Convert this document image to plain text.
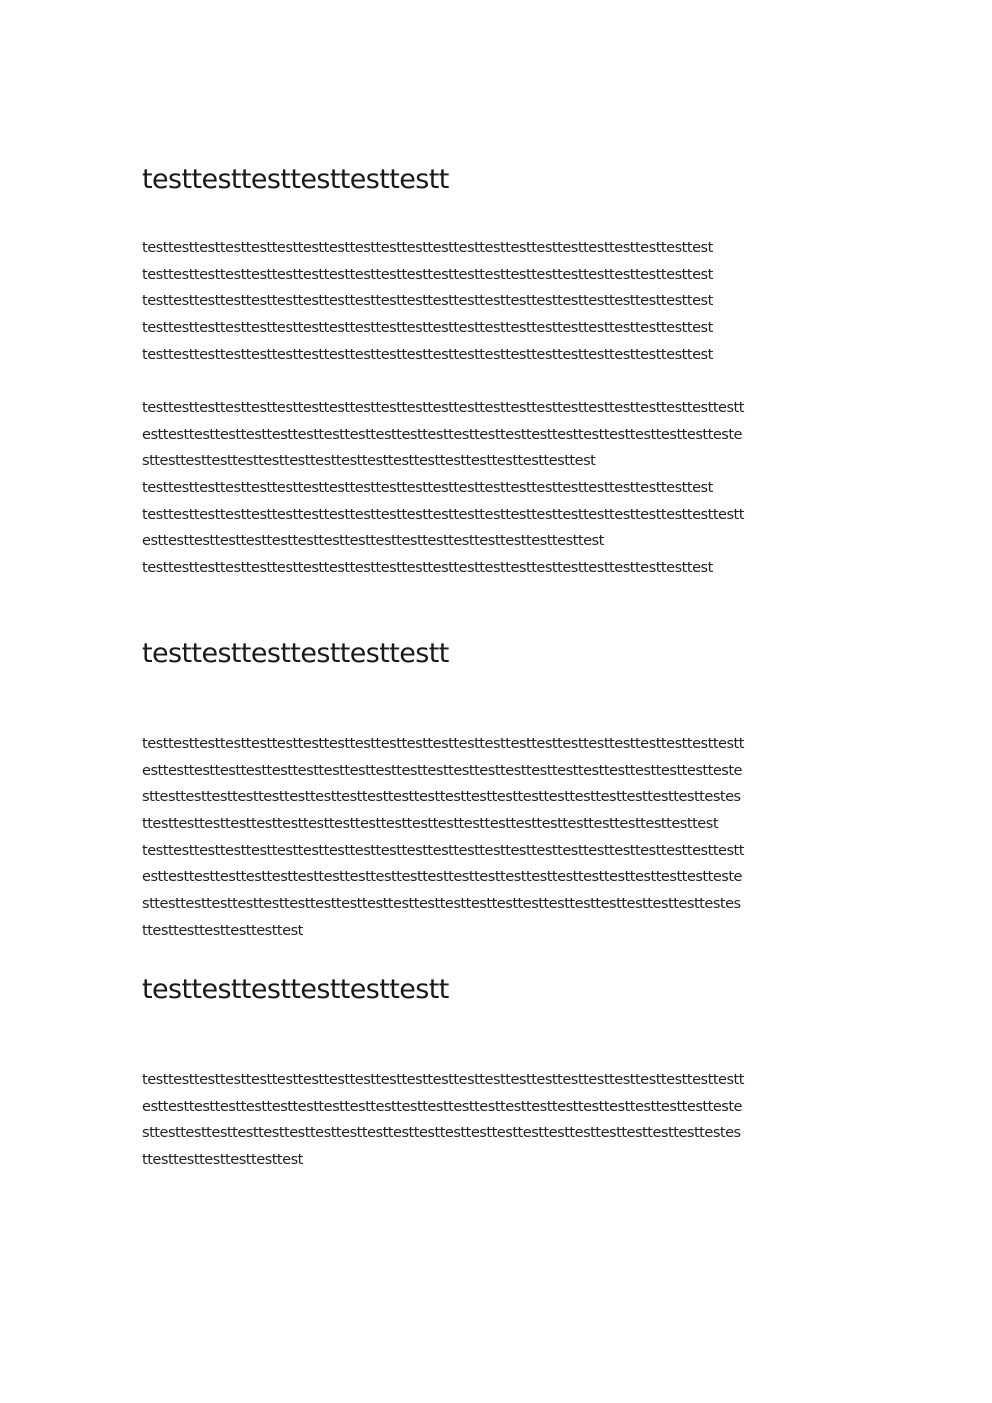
testtesttesttesttesttestt
testtesttesttesttesttesttesttesttesttesttesttesttesttesttesttesttesttesttesttesttesttest
testtesttesttesttesttesttesttesttesttesttesttesttesttesttesttesttesttesttesttesttesttest
testtesttesttesttesttesttesttesttesttesttesttesttesttesttesttesttesttesttesttesttesttest
testtesttesttesttesttesttesttesttesttesttesttesttesttesttesttesttesttesttesttesttesttest
testtesttesttesttesttesttesttesttesttesttesttesttesttesttesttesttesttesttesttesttesttest
testtesttesttesttesttesttesttesttesttesttesttesttesttesttesttesttesttesttesttesttesttesttestt
esttesttesttesttesttesttesttesttesttesttesttesttesttesttesttesttesttesttesttesttesttestteste
sttesttesttesttesttesttesttesttesttesttesttesttesttesttesttesttesttest
testtesttesttesttesttesttesttesttesttesttesttesttesttesttesttesttesttesttesttesttesttest
testtesttesttesttesttesttesttesttesttesttesttesttesttesttesttesttesttesttesttesttesttesttestt
esttesttesttesttesttesttesttesttesttesttesttesttesttesttesttesttesttest
testtesttesttesttesttesttesttesttesttesttesttesttesttesttesttesttesttesttesttesttesttest
testtesttesttesttesttestt
testtesttesttesttesttesttesttesttesttesttesttesttesttesttesttesttesttesttesttesttesttesttestt
esttesttesttesttesttesttesttesttesttesttesttesttesttesttesttesttesttesttesttesttesttestteste
sttesttesttesttesttesttesttesttesttesttesttesttesttesttesttesttesttesttesttesttesttesttestes
ttesttesttesttesttesttesttesttesttesttesttesttesttesttesttesttesttesttesttesttesttesttest
testtesttesttesttesttesttesttesttesttesttesttesttesttesttesttesttesttesttesttesttesttesttestt
esttesttesttesttesttesttesttesttesttesttesttesttesttesttesttesttesttesttesttesttesttestteste
sttesttesttesttesttesttesttesttesttesttesttesttesttesttesttesttesttesttesttesttesttesttestes
ttesttesttesttesttesttest
testtesttesttesttesttestt
testtesttesttesttesttesttesttesttesttesttesttesttesttesttesttesttesttesttesttesttesttesttestt
esttesttesttesttesttesttesttesttesttesttesttesttesttesttesttesttesttesttesttesttesttestteste
sttesttesttesttesttesttesttesttesttesttesttesttesttesttesttesttesttesttesttesttesttesttestes
ttesttesttesttesttesttest
